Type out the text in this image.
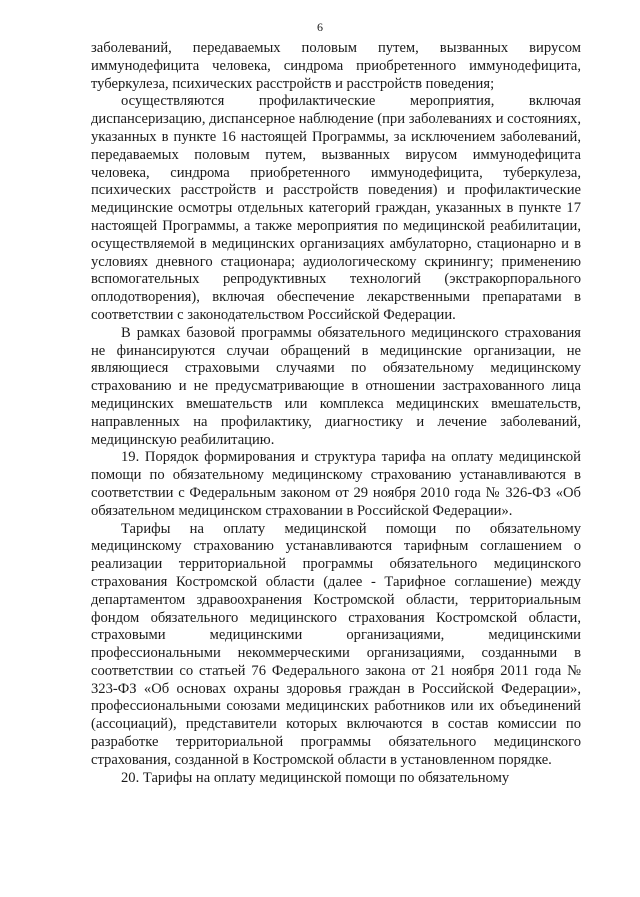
6

заболеваний, передаваемых половым путем, вызванных вирусом иммунодефицита человека, синдрома приобретенного иммунодефицита, туберкулеза, психических расстройств и расстройств поведения;

осуществляются профилактические мероприятия, включая диспансеризацию, диспансерное наблюдение (при заболеваниях и состояниях, указанных в пункте 16 настоящей Программы, за исключением заболеваний, передаваемых половым путем, вызванных вирусом иммунодефицита человека, синдрома приобретенного иммунодефицита, туберкулеза, психических расстройств и расстройств поведения) и профилактические медицинские осмотры отдельных категорий граждан, указанных в пункте 17 настоящей Программы, а также мероприятия по медицинской реабилитации, осуществляемой в медицинских организациях амбулаторно, стационарно и в условиях дневного стационара; аудиологическому скринингу; применению вспомогательных репродуктивных технологий (экстракорпорального оплодотворения), включая обеспечение лекарственными препаратами в соответствии с законодательством Российской Федерации.

В рамках базовой программы обязательного медицинского страхования не финансируются случаи обращений в медицинские организации, не являющиеся страховыми случаями по обязательному медицинскому страхованию и не предусматривающие в отношении застрахованного лица медицинских вмешательств или комплекса медицинских вмешательств, направленных на профилактику, диагностику и лечение заболеваний, медицинскую реабилитацию.

19. Порядок формирования и структура тарифа на оплату медицинской помощи по обязательному медицинскому страхованию устанавливаются в соответствии с Федеральным законом от 29 ноября 2010 года № 326-ФЗ «Об обязательном медицинском страховании в Российской Федерации».

Тарифы на оплату медицинской помощи по обязательному медицинскому страхованию устанавливаются тарифным соглашением о реализации территориальной программы обязательного медицинского страхования Костромской области (далее - Тарифное соглашение) между департаментом здравоохранения Костромской области, территориальным фондом обязательного медицинского страхования Костромской области, страховыми медицинскими организациями, медицинскими профессиональными некоммерческими организациями, созданными в соответствии со статьей 76 Федерального закона от 21 ноября 2011 года № 323-ФЗ «Об основах охраны здоровья граждан в Российской Федерации», профессиональными союзами медицинских работников или их объединений (ассоциаций), представители которых включаются в состав комиссии по разработке территориальной программы обязательного медицинского страхования, созданной в Костромской области в установленном порядке.

20. Тарифы на оплату медицинской помощи по обязательному
